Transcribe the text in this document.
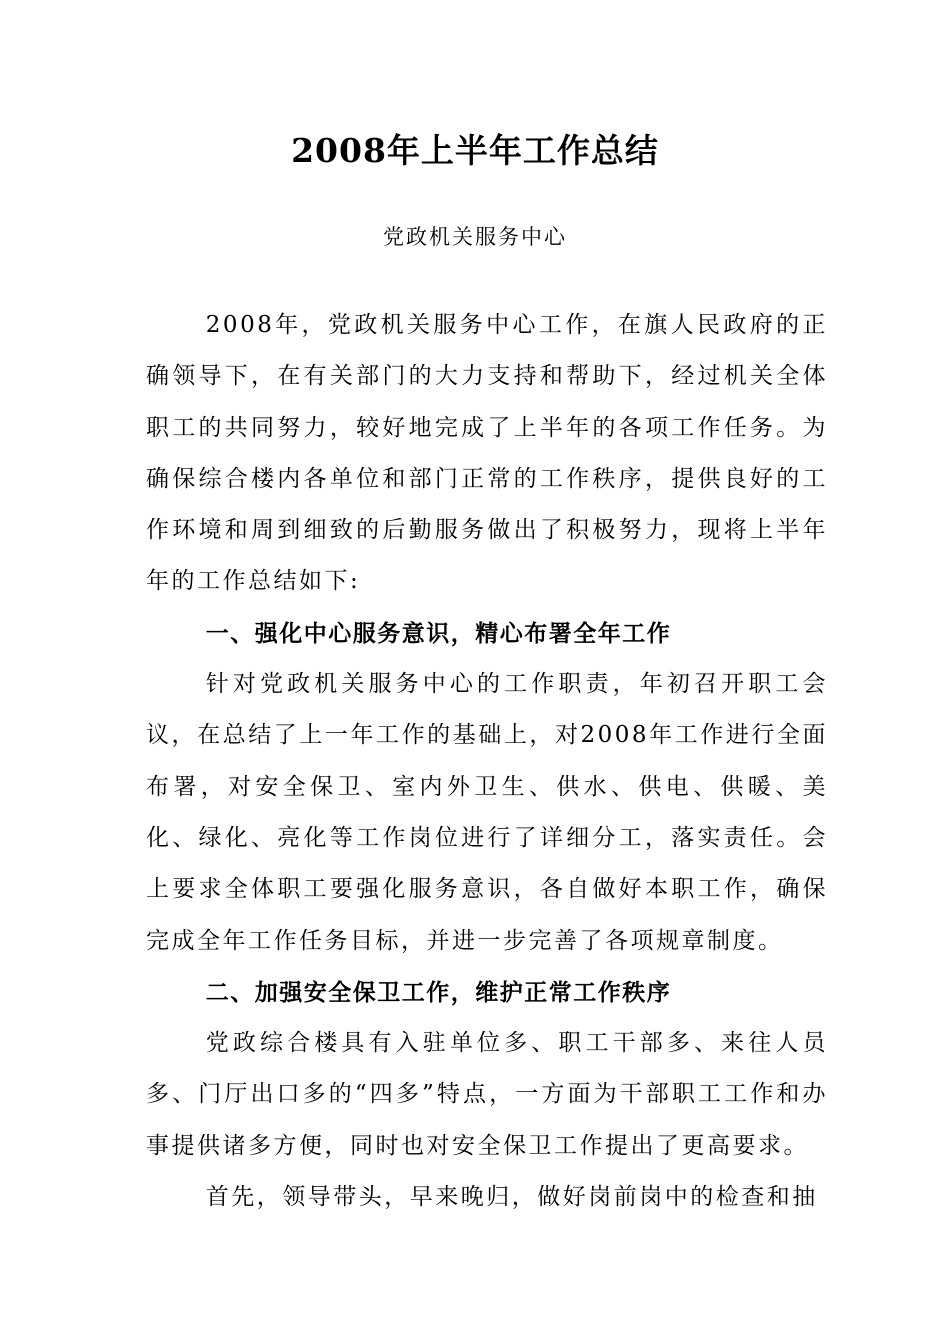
2008年上半年工作总结
党政机关服务中心

2008年，党政机关服务中心工作，在旗人民政府的正确领导下，在有关部门的大力支持和帮助下，经过机关全体职工的共同努力，较好地完成了上半年的各项工作任务。为确保综合楼内各单位和部门正常的工作秩序，提供良好的工作环境和周到细致的后勤服务做出了积极努力，现将上半年年的工作总结如下:

一、强化中心服务意识，精心布署全年工作

针对党政机关服务中心的工作职责，年初召开职工会议，在总结了上一年工作的基础上，对2008年工作进行全面布署，对安全保卫、室内外卫生、供水、供电、供暖、美化、绿化、亮化等工作岗位进行了详细分工，落实责任。会上要求全体职工要强化服务意识，各自做好本职工作，确保完成全年工作任务目标，并进一步完善了各项规章制度。

二、加强安全保卫工作，维护正常工作秩序

党政综合楼具有入驻单位多、职工干部多、来往人员多、门厅出口多的“四多”特点，一方面为干部职工工作和办事提供诸多方便，同时也对安全保卫工作提出了更高要求。

首先，领导带头，早来晚归，做好岗前岗中的检查和抽
